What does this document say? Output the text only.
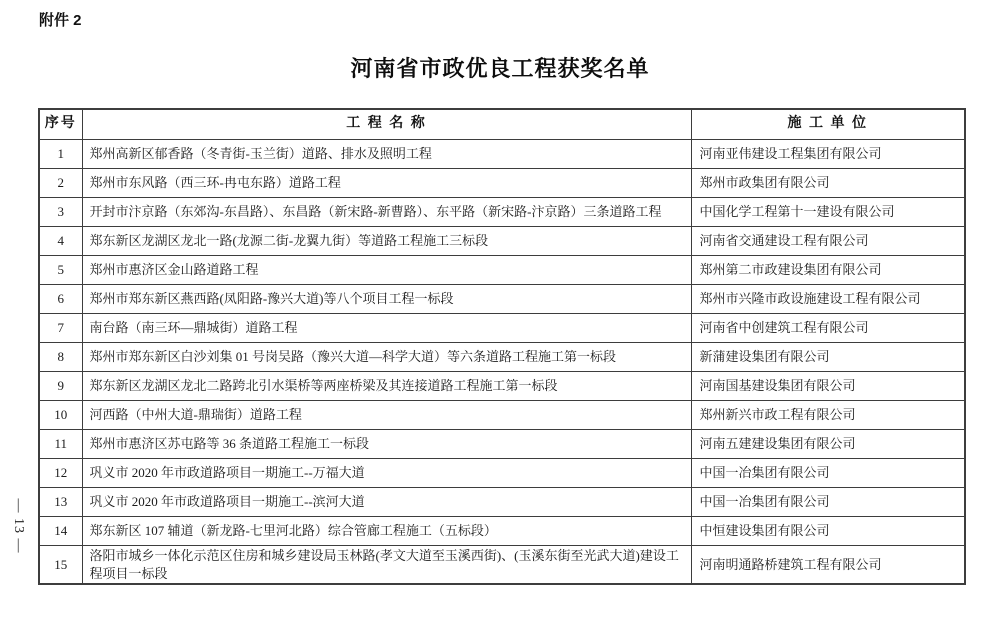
附件 2
河南省市政优良工程获奖名单
— 13 —
序号	工 程 名 称	施 工 单 位
1	郑州高新区郁香路（冬青街-玉兰街）道路、排水及照明工程	河南亚伟建设工程集团有限公司
2	郑州市东风路（西三环-冉屯东路）道路工程	郑州市政集团有限公司
3	开封市汴京路（东郊沟-东昌路）、东昌路（新宋路-新曹路）、东平路（新宋路-汴京路）三条道路工程	中国化学工程第十一建设有限公司
4	郑东新区龙湖区龙北一路(龙源二街-龙翼九街）等道路工程施工三标段	河南省交通建设工程有限公司
5	郑州市惠济区金山路道路工程	郑州第二市政建设集团有限公司
6	郑州市郑东新区燕西路(凤阳路-豫兴大道)等八个项目工程一标段	郑州市兴隆市政设施建设工程有限公司
7	南台路（南三环—鼎城街）道路工程	河南省中创建筑工程有限公司
8	郑州市郑东新区白沙刘集 01 号岗吴路（豫兴大道—科学大道）等六条道路工程施工第一标段	新蒲建设集团有限公司
9	郑东新区龙湖区龙北二路跨北引水渠桥等两座桥梁及其连接道路工程施工第一标段	河南国基建设集团有限公司
10	河西路（中州大道-鼎瑞街）道路工程	郑州新兴市政工程有限公司
11	郑州市惠济区苏屯路等 36 条道路工程施工一标段	河南五建建设集团有限公司
12	巩义市 2020 年市政道路项目一期施工--万福大道	中国一冶集团有限公司
13	巩义市 2020 年市政道路项目一期施工--滨河大道	中国一冶集团有限公司
14	郑东新区 107 辅道（新龙路-七里河北路）综合管廊工程施工（五标段）	中恒建设集团有限公司
15	洛阳市城乡一体化示范区住房和城乡建设局玉林路(孝文大道至玉溪西街)、(玉溪东街至光武大道)建设工程项目一标段	河南明通路桥建筑工程有限公司
